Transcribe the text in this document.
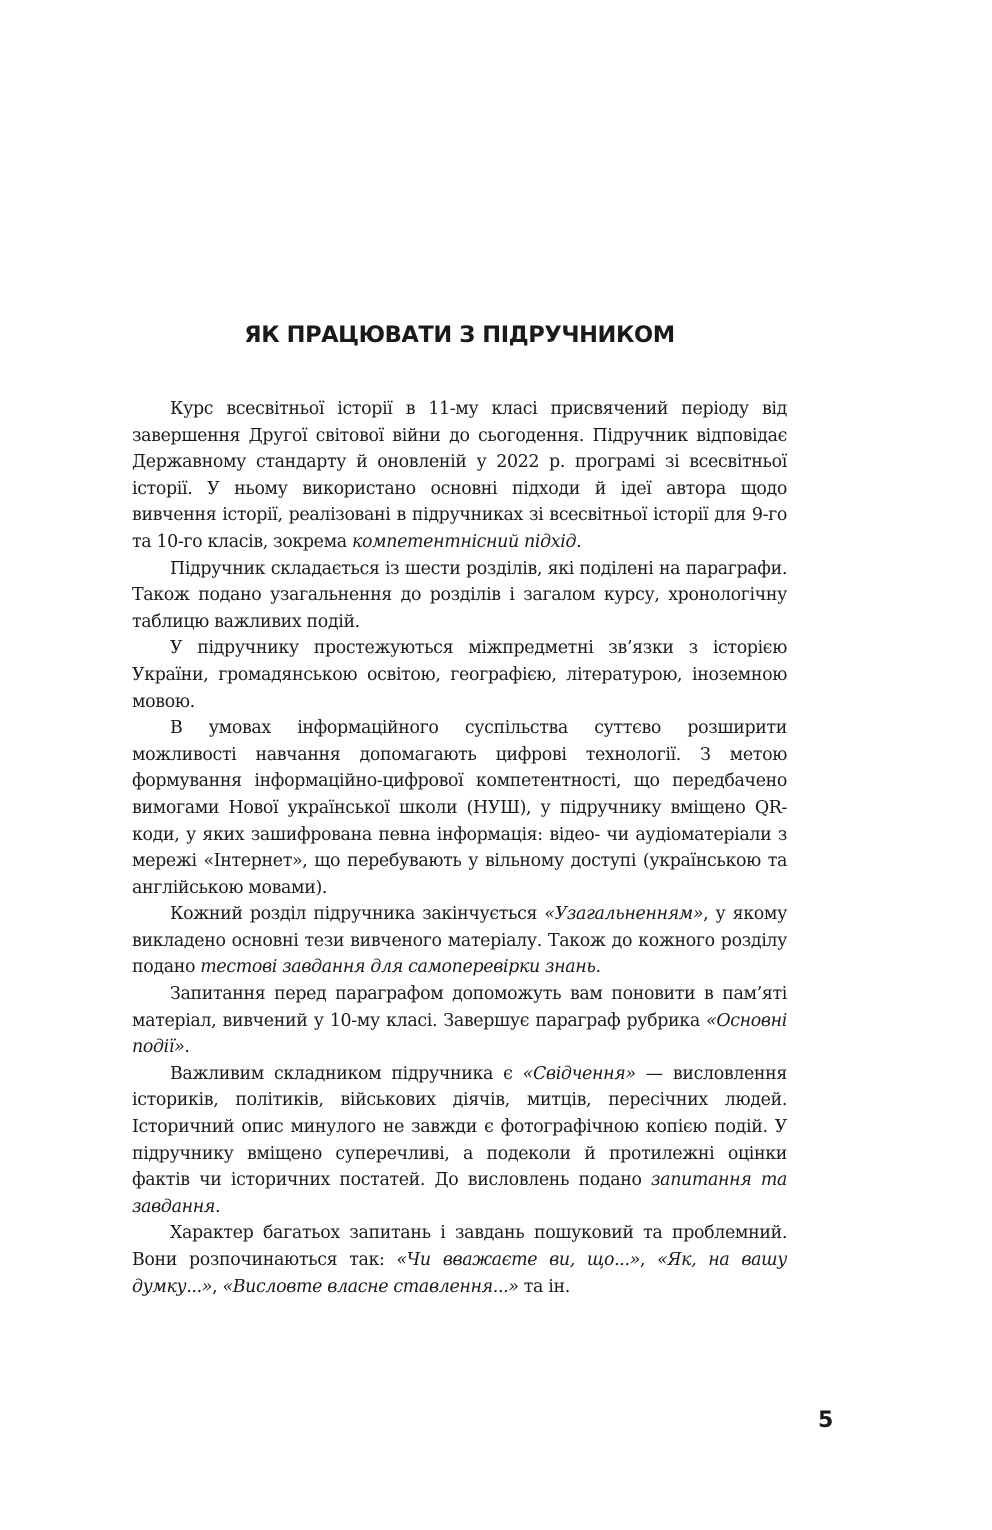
ЯК ПРАЦЮВАТИ З ПІДРУЧНИКОМ

Курс всесвітньої історії в 11-му класі присвячений періоду від завершення Другої світової війни до сьогодення. Підручник відповідає Державному стандарту й оновленій у 2022 р. програмі зі всесвітньої історії. У ньому використано основні підходи й ідеї автора щодо вивчення історії, реалізовані в підручниках зі всесвітньої історії для 9-го та 10-го класів, зокрема компетентнісний підхід.

Підручник складається із шести розділів, які поділені на параграфи. Також подано узагальнення до розділів і загалом курсу, хронологічну таблицю важливих подій.

У підручнику простежуються міжпредметні зв’язки з історією України, громадянською освітою, географією, літературою, іноземною мовою.

В умовах інформаційного суспільства суттєво розширити можливості навчання допомагають цифрові технології. З метою формування інформаційно-цифрової компетентності, що передбачено вимогами Нової української школи (НУШ), у підручнику вміщено QR-коди, у яких зашифрована певна інформація: відео- чи аудіоматеріали з мережі «Інтернет», що перебувають у вільному доступі (українською та англійською мовами).

Кожний розділ підручника закінчується «Узагальненням», у якому викладено основні тези вивченого матеріалу. Також до кожного розділу подано тестові завдання для самоперевірки знань.

Запитання перед параграфом допоможуть вам поновити в пам’яті матеріал, вивчений у 10-му класі. Завершує параграф рубрика «Основні події».

Важливим складником підручника є «Свідчення» — висловлення істориків, політиків, військових діячів, митців, пересічних людей. Історичний опис минулого не завжди є фотографічною копією подій. У підручнику вміщено суперечливі, а подеколи й протилежні оцінки фактів чи історичних постатей. До висловлень подано запитання та завдання.

Характер багатьох запитань і завдань пошуковий та проблемний. Вони розпочинаються так: «Чи вважаєте ви, що...», «Як, на вашу думку...», «Висловте власне ставлення...» та ін.

5
